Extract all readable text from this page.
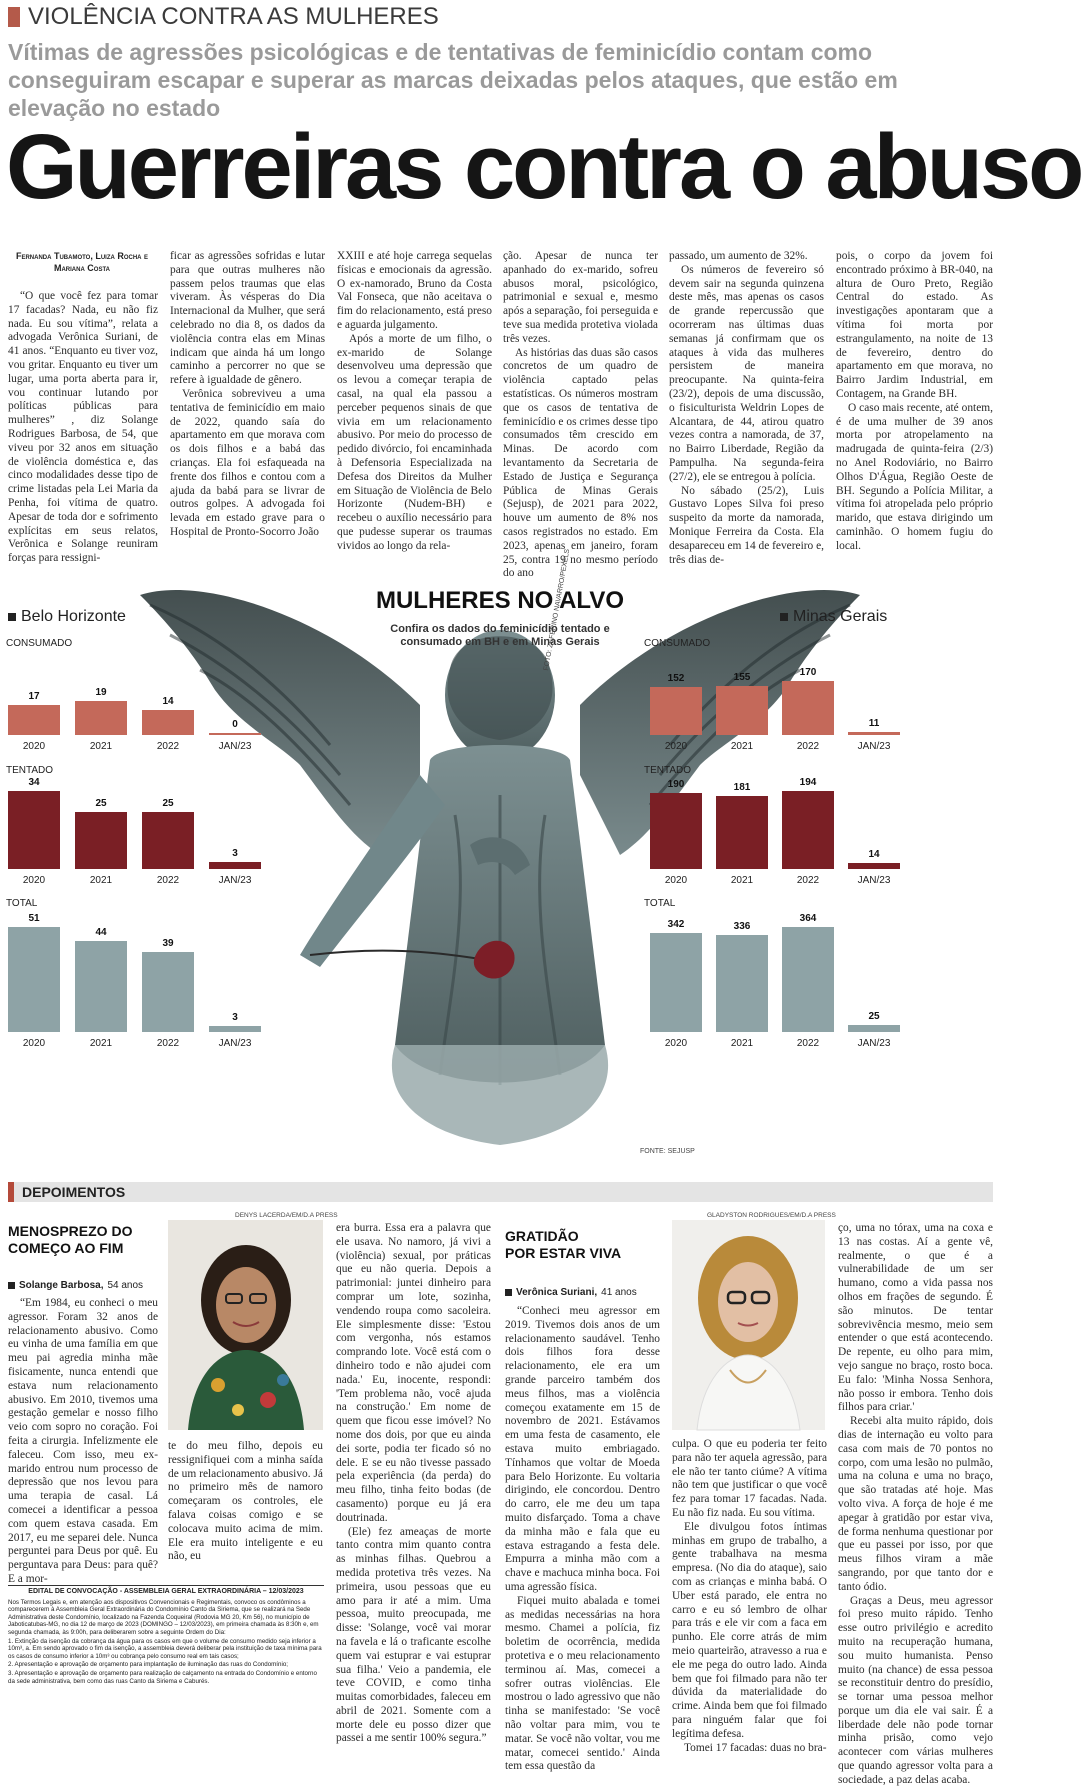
VIOLÊNCIA CONTRA AS MULHERES
Vítimas de agressões psicológicas e de tentativas de feminicídio contam como conseguiram escapar e superar as marcas deixadas pelos ataques, que estão em elevação no estado
Guerreiras contra o abuso
Fernanda Tubamoto, Luiza Rocha e Mariana Costa

“O que você fez para tomar 17 facadas? Nada, eu não fiz nada. Eu sou vítima”, relata a advogada Verônica Suriani, de 41 anos. “Enquanto eu tiver voz, vou gritar. Enquanto eu tiver um lugar, uma porta aberta para ir, vou continuar lutando por políticas públicas para mulheres” , diz Solange Rodrigues Barbosa, de 54, que viveu por 32 anos em situação de violência doméstica e, das cinco modalidades desse tipo de crime listadas pela Lei Maria da Penha, foi vítima de quatro. Apesar de toda dor e sofrimento explícitas em seus relatos, Verônica e Solange reuniram forças para ressigni-

ficar as agressões sofridas e lutar para que outras mulheres não passem pelos traumas que elas viveram. Às vésperas do Dia Internacional da Mulher, que será celebrado no dia 8, os dados da violência contra elas em Minas indicam que ainda há um longo caminho a percorrer no que se refere à igualdade de gênero.

Verônica sobreviveu a uma tentativa de feminicídio em maio de 2022, quando saía do apartamento em que morava com os dois filhos e a babá das crianças. Ela foi esfaqueada na frente dos filhos e contou com a ajuda da babá para se livrar de outros golpes. A advogada foi levada em estado grave para o Hospital de Pronto-Socorro João

XXIII e até hoje carrega sequelas físicas e emocionais da agressão. O ex-namorado, Bruno da Costa Val Fonseca, que não aceitava o fim do relacionamento, está preso e aguarda julgamento.

Após a morte de um filho, o ex-marido de Solange desenvolveu uma depressão que os levou a começar terapia de casal, na qual ela passou a perceber pequenos sinais de que vivia em um relacionamento abusivo. Por meio do processo de pedido divórcio, foi encaminhada à Defensoria Especializada na Defesa dos Direitos da Mulher em Situação de Violência de Belo Horizonte (Nudem-BH) e recebeu o auxílio necessário para que pudesse superar os traumas vividos ao longo da rela-

ção. Apesar de nunca ter apanhado do ex-marido, sofreu abusos moral, psicológico, patrimonial e sexual e, mesmo após a separação, foi perseguida e teve sua medida protetiva violada três vezes.

As histórias das duas são casos concretos de um quadro de violência captado pelas estatísticas. Os números mostram que os casos de tentativa de feminicídio e os crimes desse tipo consumados têm crescido em Minas. De acordo com levantamento da Secretaria de Estado de Justiça e Segurança Pública de Minas Gerais (Sejusp), de 2021 para 2022, houve um aumento de 8% nos casos registrados no estado. Em 2023, apenas em janeiro, foram 25, contra 19 no mesmo período do ano

passado, um aumento de 32%.

Os números de fevereiro só devem sair na segunda quinzena deste mês, mas apenas os casos de grande repercussão que ocorreram nas últimas duas semanas já confirmam que os ataques à vida das mulheres persistem de maneira preocupante. Na quinta-feira (23/2), depois de uma discussão, o fisiculturista Weldrin Lopes de Alcantara, de 44, atirou quatro vezes contra a namorada, de 37, no Bairro Liberdade, Região da Pampulha. Na segunda-feira (27/2), ele se entregou à polícia.

No sábado (25/2), Luis Gustavo Lopes Silva foi preso suspeito da morte da namorada, Monique Ferreira da Costa. Ela desapareceu em 14 de fevereiro e, três dias de-

pois, o corpo da jovem foi encontrado próximo à BR-040, na altura de Ouro Preto, Região Central do estado. As investigações apontaram que a vítima foi morta por estrangulamento, na noite de 13 de fevereiro, dentro do apartamento em que morava, no Bairro Jardim Industrial, em Contagem, na Grande BH.

O caso mais recente, até ontem, é de uma mulher de 39 anos morta por atropelamento na madrugada de quinta-feira (2/3) no Anel Rodoviário, no Bairro Olhos D'Água, Região Oeste de BH. Segundo a Polícia Militar, a vítima foi atropelada pelo próprio marido, que estava dirigindo um caminhão. O homem fugiu do local.

MULHERES NO ALVO
Confira os dados do feminicídio tentado e consumado em BH e em Minas Gerais
FOTO: ZEFERINO NAVARRO/PEXELS
FONTE: SEJUSP
Belo Horizonte
CONSUMADO
17
2020
19
2021
14
2022
0
JAN/23
TENTADO
34
2020
25
2021
25
2022
3
JAN/23
TOTAL
51
2020
44
2021
39
2022
3
JAN/23
Minas Gerais
CONSUMADO
152
2020
155
2021
170
2022
11
JAN/23
TENTADO
190
2020
181
2021
194
2022
14
JAN/23
TOTAL
342
2020
336
2021
364
2022
25
JAN/23
DEPOIMENTOS
MENOSPREZO DO
COMEÇO AO FIM
Solange Barbosa, 54 anos
DENYS LACERDA/EM/D.A PRESS

“Em 1984, eu conheci o meu agressor. Foram 32 anos de relacionamento abusivo. Como eu vinha de uma família em que meu pai agredia minha mãe fisicamente, nunca entendi que estava num relacionamento abusivo. Em 2010, tivemos uma gestação gemelar e nosso filho veio com sopro no coração. Foi feita a cirurgia. Infelizmente ele faleceu. Com isso, meu ex-marido entrou num processo de depressão que nos levou para uma terapia de casal. Lá comecei a identificar a pessoa com quem estava casada. Em 2017, eu me separei dele. Nunca perguntei para Deus por quê. Eu perguntava para Deus: para quê? E a mor-

te do meu filho, depois eu ressignifiquei com a minha saída de um relacionamento abusivo. Já no primeiro mês de namoro começaram os controles, ele falava coisas comigo e se colocava muito acima de mim. Ele era muito inteligente e eu não, eu

era burra. Essa era a palavra que ele usava. No namoro, já vivi a (violência) sexual, por práticas que eu não queria. Depois a patrimonial: juntei dinheiro para comprar um lote, sozinha, vendendo roupa como sacoleira. Ele simplesmente disse: 'Estou com vergonha, nós estamos comprando lote. Você está com o dinheiro todo e não ajudei com nada.' Eu, inocente, respondi: 'Tem problema não, você ajuda na construção.' Em nome de quem que ficou esse imóvel? No nome dos dois, por que eu ainda dei sorte, podia ter ficado só no dele. E se eu não tivesse passado pela experiência (da perda) do meu filho, tinha feito bodas (de casamento) porque eu já era doutrinada.

(Ele) fez ameaças de morte tanto contra mim quanto contra as minhas filhas. Quebrou a medida protetiva três vezes. Na primeira, usou pessoas que eu amo para ir até a mim. Uma pessoa, muito preocupada, me disse: 'Solange, você vai morar na favela e lá o traficante escolhe quem vai estuprar e vai estuprar sua filha.' Veio a pandemia, ele teve COVID, e como tinha muitas comorbidades, faleceu em abril de 2021. Somente com a morte dele eu posso dizer que passei a me sentir 100% segura.”

GRATIDÃO
POR ESTAR VIVA
Verônica Suriani, 41 anos
GLADYSTON RODRIGUES/EM/D.A PRESS

“Conheci meu agressor em 2019. Tivemos dois anos de um relacionamento saudável. Tenho dois filhos fora desse relacionamento, ele era um grande parceiro também dos meus filhos, mas a violência começou exatamente em 15 de novembro de 2021. Estávamos em uma festa de casamento, ele estava muito embriagado. Tínhamos que voltar de Moeda para Belo Horizonte. Eu voltaria dirigindo, ele concordou. Dentro do carro, ele me deu um tapa muito disfarçado. Toma a chave da minha mão e fala que eu estava estragando a festa dele. Empurra a minha mão com a chave e machuca minha boca. Foi uma agressão física.

Fiquei muito abalada e tomei as medidas necessárias na hora mesmo. Chamei a polícia, fiz boletim de ocorrência, medida protetiva e o meu relacionamento terminou aí. Mas, comecei a sofrer outras violências. Ele mostrou o lado agressivo que não tinha se manifestado: 'Se você não voltar para mim, vou te matar. Se você não voltar, vou me matar, comecei sentido.' Ainda tem essa questão da

culpa. O que eu poderia ter feito para não ter aquela agressão, para ele não ter tanto ciúme? A vítima não tem que justificar o que você fez para tomar 17 facadas. Nada. Eu não fiz nada. Eu sou vítima.

Ele divulgou fotos íntimas minhas em grupo de trabalho, a gente trabalhava na mesma empresa. (No dia do ataque), saio com as crianças e minha babá. O Uber está parado, ele entra no carro e eu só lembro de olhar para trás e ele vir com a faca em punho. Ele corre atrás de mim meio quarteirão, atravesso a rua e ele me pega do outro lado. Ainda bem que foi filmado para não ter dúvida da materialidade do crime. Ainda bem que foi filmado para ninguém falar que foi legítima defesa.

Tomei 17 facadas: duas no bra-

ço, uma no tórax, uma na coxa e 13 nas costas. Aí a gente vê, realmente, o que é a vulnerabilidade de um ser humano, como a vida passa nos olhos em frações de segundo. É são minutos. De tentar sobrevivência mesmo, meio sem entender o que está acontecendo. De repente, eu olho para mim, vejo sangue no braço, rosto boca. Eu falo: 'Minha Nossa Senhora, não posso ir embora. Tenho dois filhos para criar.'

Recebi alta muito rápido, dois dias de internação eu volto para casa com mais de 70 pontos no corpo, com uma lesão no pulmão, uma na coluna e uma no braço, que são tratadas até hoje. Mas volto viva. A força de hoje é me apegar à gratidão por estar viva, de forma nenhuma questionar por que eu passei por isso, por que meus filhos viram a mãe sangrando, por que tanto dor e tanto ódio.

Graças a Deus, meu agressor foi preso muito rápido. Tenho esse outro privilégio e acredito muito na recuperação humana, sou muito humanista. Penso muito (na chance) de essa pessoa se reconstituir dentro do presídio, se tornar uma pessoa melhor porque um dia ele vai sair. É a liberdade dele não pode tornar minha prisão, como vejo acontecer com várias mulheres que quando agressor volta para a sociedade, a paz delas acaba.

EDITAL DE CONVOCAÇÃO - ASSEMBLEIA GERAL EXTRAORDINÁRIA – 12/03/2023

Nos Termos Legais e, em atenção aos dispositivos Convencionais e Regimentais, convoco os condôminos a comparecerem à Assembleia Geral Extraordinária do Condomínio Canto da Siriema, que se realizará na Sede Administrativa deste Condomínio, localizado na Fazenda Coqueiral (Rodovia MG 20, Km 56), no município de Jaboticatubas-MG, no dia 12 de março de 2023 (DOMINGO – 12/03/2023), em primeira chamada às 8:30h e, em segunda chamada, às 9:00h, para deliberarem sobre a seguinte Ordem do Dia:

1. Extinção da isenção da cobrança da água para os casos em que o volume de consumo medido seja inferior a 10m³, a. Em sendo aprovado o fim da isenção, a assembleia deverá deliberar pela instituição de taxa mínima para os casos de consumo inferior a 10m³ ou cobrança pelo consumo real em tais casos;

2. Apresentação e aprovação de orçamento para implantação de iluminação das ruas do Condomínio;

3. Apresentação e aprovação de orçamento para realização de calçamento na entrada do Condomínio e entorno da sede administrativa, bem como das ruas Canto da Siriema e Caburés.
